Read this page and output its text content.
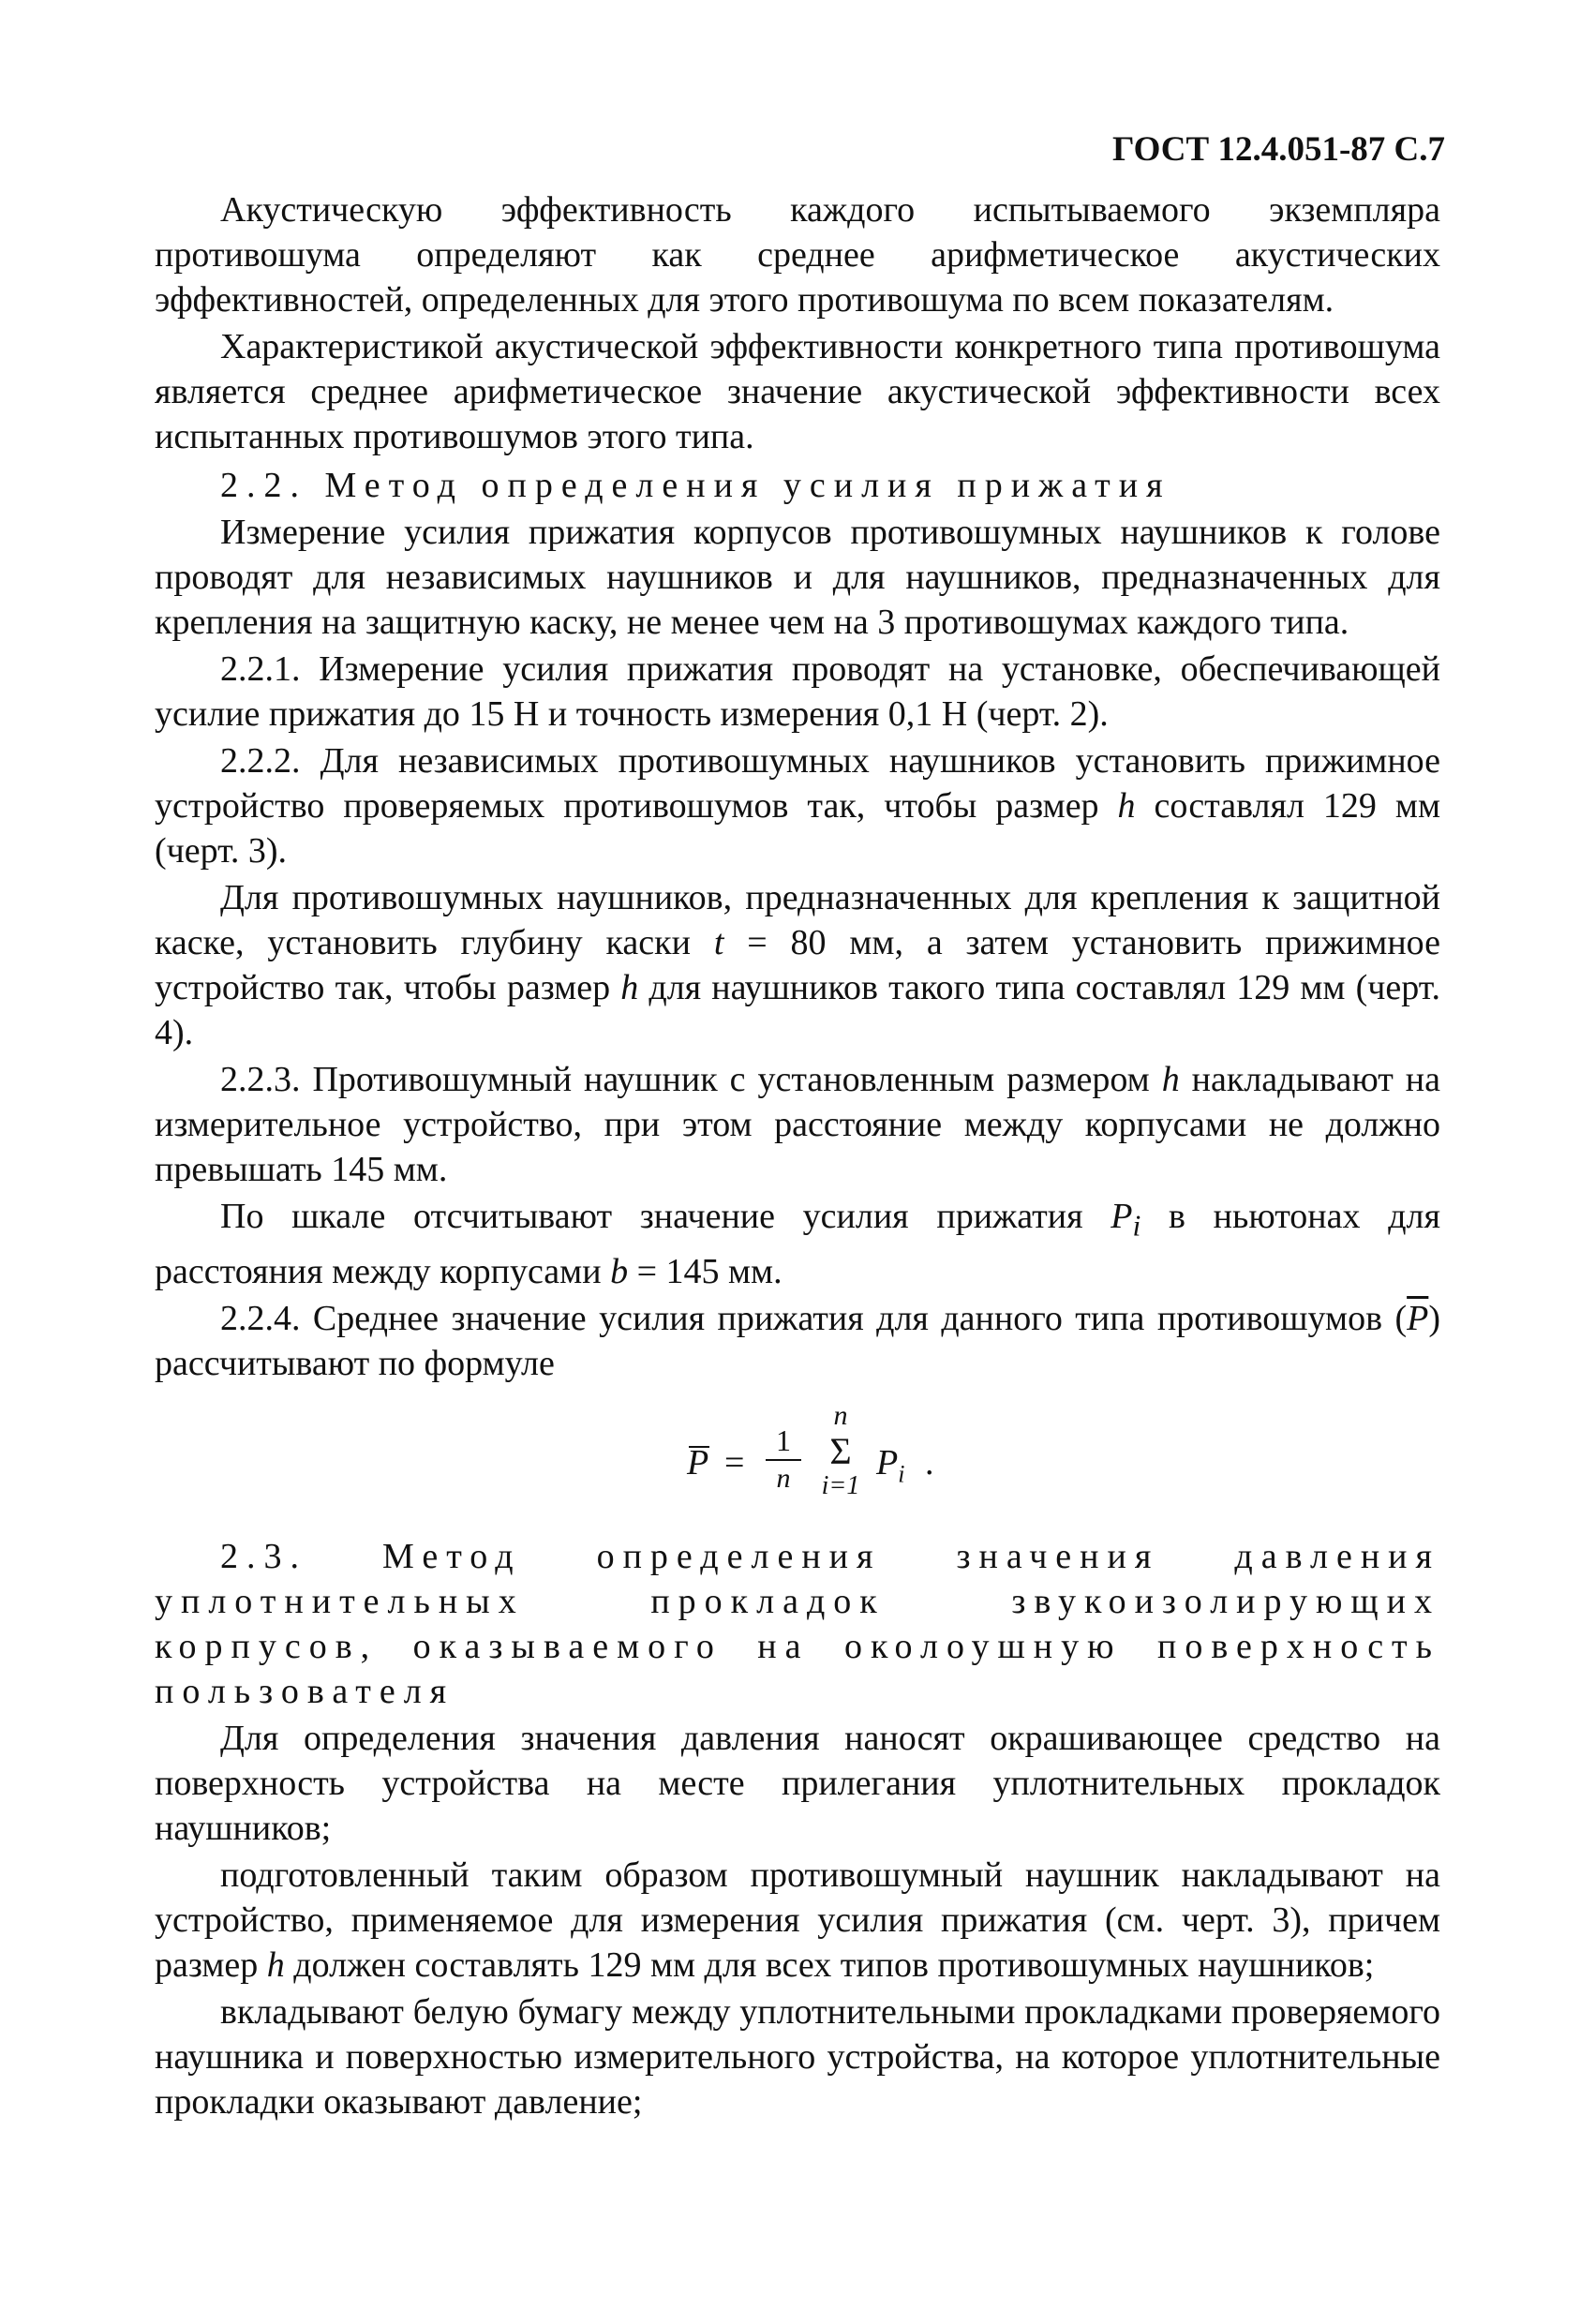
ГОСТ 12.4.051-87 С.7

Акустическую эффективность каждого испытываемого экземпляра противошума определяют как среднее арифметическое акустических эффективностей, определенных для этого противошума по всем показателям.

Характеристикой акустической эффективности конкретного типа противошума является среднее арифметическое значение акустической эффективности всех испытанных противошумов этого типа.

2.2. Метод определения усилия прижатия

Измерение усилия прижатия корпусов противошумных наушников к голове проводят для независимых наушников и для наушников, предназначенных для крепления на защитную каску, не менее чем на 3 противошумах каждого типа.

2.2.1. Измерение усилия прижатия проводят на установке, обеспечивающей усилие прижатия до 15 Н и точность измерения 0,1 Н (черт. 2).

2.2.2. Для независимых противошумных наушников установить прижимное устройство проверяемых противошумов так, чтобы размер h составлял 129 мм (черт. 3).

Для противошумных наушников, предназначенных для крепления к защитной каске, установить глубину каски t = 80 мм, а затем установить прижимное устройство так, чтобы размер h для наушников такого типа составлял 129 мм (черт. 4).

2.2.3. Противошумный наушник с установленным размером h накладывают на измерительное устройство, при этом расстояние между корпусами не должно превышать 145 мм.

По шкале отсчитывают значение усилия прижатия $P_i$ в ньютонах для расстояния между корпусами b = 145 мм.

2.2.4. Среднее значение усилия прижатия для данного типа противошумов $(\overline{P})$ рассчитывают по формуле

P =
1
n
n
Σ
i=1
$P_i$ .

2.3. Метод определения значения давления уплотнительных прокладок звукоизолирующих корпусов, оказываемого на околоушную поверхность пользователя

Для определения значения давления наносят окрашивающее средство на поверхность устройства на месте прилегания уплотнительных прокладок наушников;

подготовленный таким образом противошумный наушник накладывают на устройство, применяемое для измерения усилия прижатия (см. черт. 3), причем размер h должен составлять 129 мм для всех типов противошумных наушников;

вкладывают белую бумагу между уплотнительными прокладками проверяемого наушника и поверхностью измерительного устройства, на которое уплотнительные прокладки оказывают давление;
